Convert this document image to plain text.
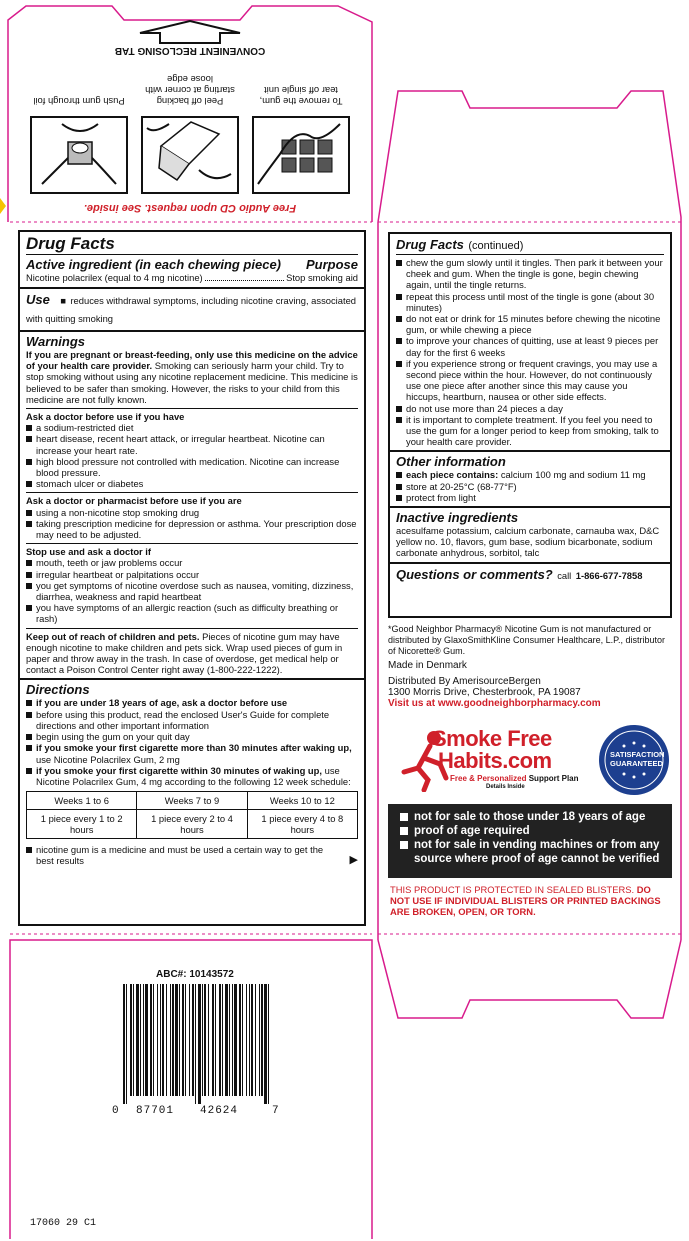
Free Audio CD upon request. See inside.
To remove the gum, tear off single unit
Peel off backing starting at corner with loose edge
Push gum through foil
CONVENIENT RECLOSING TAB
Drug Facts
Active ingredient (in each chewing piece) Purpose
Nicotine polacrilex (equal to 4 mg nicotine)	Stop smoking aid
Use ■ reduces withdrawal symptoms, including nicotine craving, associated with quitting smoking
Warnings
If you are pregnant or breast-feeding, only use this medicine on the advice of your health care provider. Smoking can seriously harm your child. Try to stop smoking without using any nicotine replacement medicine. This medicine is believed to be safer than smoking. However, the risks to your child from this medicine are not fully known.
Ask a doctor before use if you have
a sodium-restricted diet
heart disease, recent heart attack, or irregular heartbeat. Nicotine can increase your heart rate.
high blood pressure not controlled with medication. Nicotine can increase blood pressure.
stomach ulcer or diabetes
Ask a doctor or pharmacist before use if you are
using a non-nicotine stop smoking drug
taking prescription medicine for depression or asthma. Your prescription dose may need to be adjusted.
Stop use and ask a doctor if
mouth, teeth or jaw problems occur
irregular heartbeat or palpitations occur
you get symptoms of nicotine overdose such as nausea, vomiting, dizziness, diarrhea, weakness and rapid heartbeat
you have symptoms of an allergic reaction (such as difficulty breathing or rash)
Keep out of reach of children and pets. Pieces of nicotine gum may have enough nicotine to make children and pets sick. Wrap used pieces of gum in paper and throw away in the trash. In case of overdose, get medical help or contact a Poison Control Center right away (1-800-222-1222).
Directions
if you are under 18 years of age, ask a doctor before use
before using this product, read the enclosed User's Guide for complete directions and other important information
begin using the gum on your quit day
if you smoke your first cigarette more than 30 minutes after waking up, use Nicotine Polacrilex Gum, 2 mg
if you smoke your first cigarette within 30 minutes of waking up, use Nicotine Polacrilex Gum, 4 mg according to the following 12 week schedule:
Weeks 1 to 6	Weeks 7 to 9	Weeks 10 to 12
1 piece every 1 to 2 hours	1 piece every 2 to 4 hours	1 piece every 4 to 8 hours
nicotine gum is a medicine and must be used a certain way to get the best results	▶
Drug Facts (continued)
chew the gum slowly until it tingles. Then park it between your cheek and gum. When the tingle is gone, begin chewing again, until the tingle returns.
repeat this process until most of the tingle is gone (about 30 minutes)
do not eat or drink for 15 minutes before chewing the nicotine gum, or while chewing a piece
to improve your chances of quitting, use at least 9 pieces per day for the first 6 weeks
if you experience strong or frequent cravings, you may use a second piece within the hour. However, do not continuously use one piece after another since this may cause you hiccups, heartburn, nausea or other side effects.
do not use more than 24 pieces a day
it is important to complete treatment. If you feel you need to use the gum for a longer period to keep from smoking, talk to your health care provider.
Other information
each piece contains: calcium 100 mg and sodium 11 mg
store at 20-25°C (68-77°F)
protect from light
Inactive ingredients
acesulfame potassium, calcium carbonate, carnauba wax, D&C yellow no. 10, flavors, gum base, sodium bicarbonate, sodium carbonate anhydrous, sorbitol, talc
Questions or comments? call 1-866-677-7858
*Good Neighbor Pharmacy® Nicotine Gum is not manufactured or distributed by GlaxoSmithKline Consumer Healthcare, L.P., distributor of Nicorette® Gum.
Made in Denmark
Distributed By AmerisourceBergen
1300 Morris Drive, Chesterbrook, PA 19087
Visit us at www.goodneighborpharmacy.com
Smoke Free
Habits.com
Free & Personalized Support Plan
Details Inside
SATISFACTION GUARANTEED
not for sale to those under 18 years of age
proof of age required
not for sale in vending machines or from any source where proof of age cannot be verified
THIS PRODUCT IS PROTECTED IN SEALED BLISTERS. DO NOT USE IF INDIVIDUAL BLISTERS OR PRINTED BACKINGS ARE BROKEN, OPEN, OR TORN.
ABC#: 10143572
0 87701 42624	7
17060 29 C1
